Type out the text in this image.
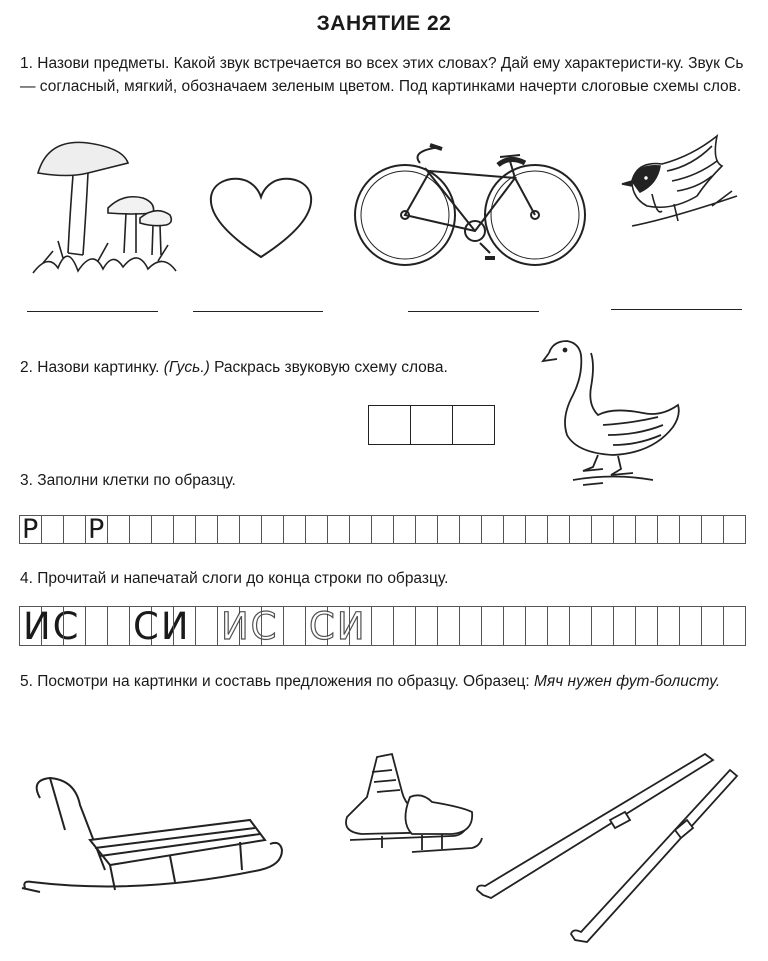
ЗАНЯТИЕ 22
1. Назови предметы. Какой звук встречается во всех этих словах? Дай ему характеристи-ку. Звук Сь — согласный, мягкий, обозначаем зеленым цветом. Под картинками начерти слоговые схемы слов.
2. Назови картинку. (Гусь.) Раскрась звуковую схему слова.
3. Заполни клетки по образцу.
Р Р
4. Прочитай и напечатай слоги до конца строки по образцу.
ИС СИ ИС СИ
5. Посмотри на картинки и составь предложения по образцу. Образец: Мяч нужен фут-болисту.
